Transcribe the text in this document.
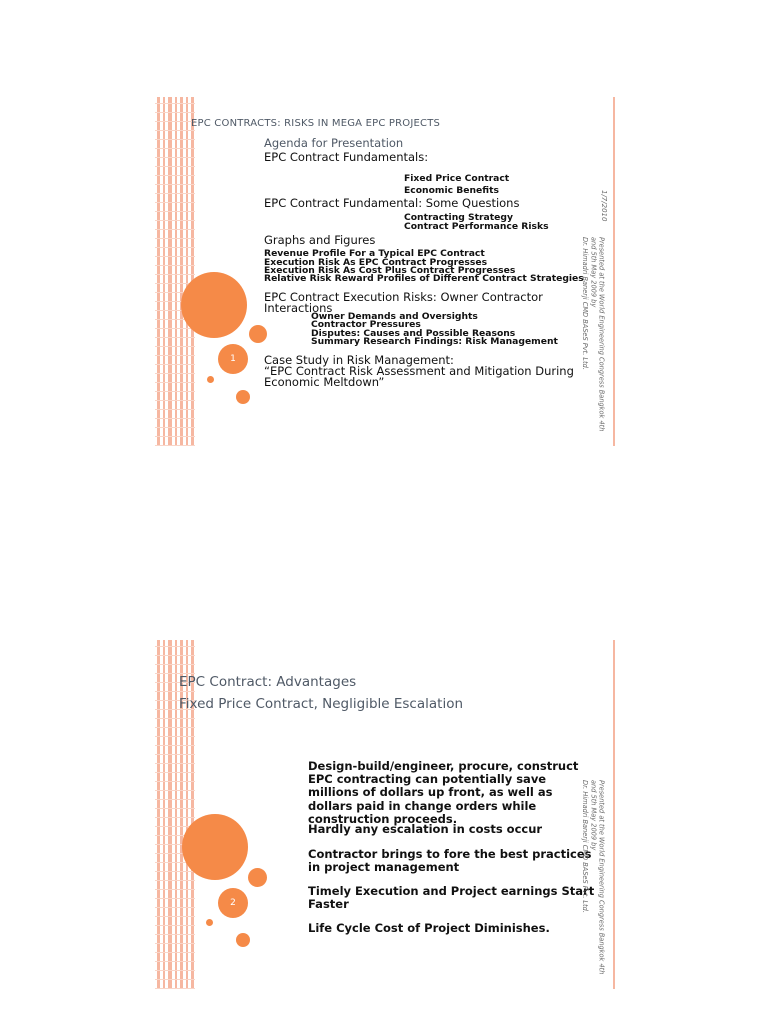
1
EPC CONTRACTS: RISKS IN MEGA EPC PROJECTS
Agenda for Presentation
EPC Contract Fundamentals:
Fixed Price Contract
Economic Benefits
EPC Contract Fundamental: Some Questions
Contracting Strategy
Contract Performance Risks
Graphs and Figures
Revenue Profile For a Typical EPC Contract
Execution Risk As EPC Contract Progresses
Execution Risk As Cost Plus Contract Progresses
Relative Risk Reward Profiles of Different Contract Strategies
EPC Contract Execution Risks: Owner Contractor
Interactions
Owner Demands and Oversights
Contractor Pressures
Disputes: Causes and Possible Reasons
Summary Research Findings: Risk Management
Case Study in Risk Management:
“EPC Contract Risk Assessment and Mitigation During
Economic Meltdown”
1/7/2010
Presented at the World Engineering Congress Bangkok 4th
and 5th May 2009 by
Dr. Himadri Banerji CMD BASeS Pvt. Ltd.
2
EPC Contract: Advantages
Fixed Price Contract, Negligible Escalation
Design-build/engineer, procure, construct EPC contracting can potentially save millions of dollars up front, as well as dollars paid in change orders while construction proceeds.
Hardly any escalation in costs occur
Contractor brings to fore the best practices in project management
Timely Execution and Project earnings Start Faster
Life Cycle Cost of Project Diminishes.	Presented at the World Engineering Congress Bangkok 4th
and 5th May 2009 by
Dr. Himadri Banerji CMD BASeS Pvt. Ltd.
